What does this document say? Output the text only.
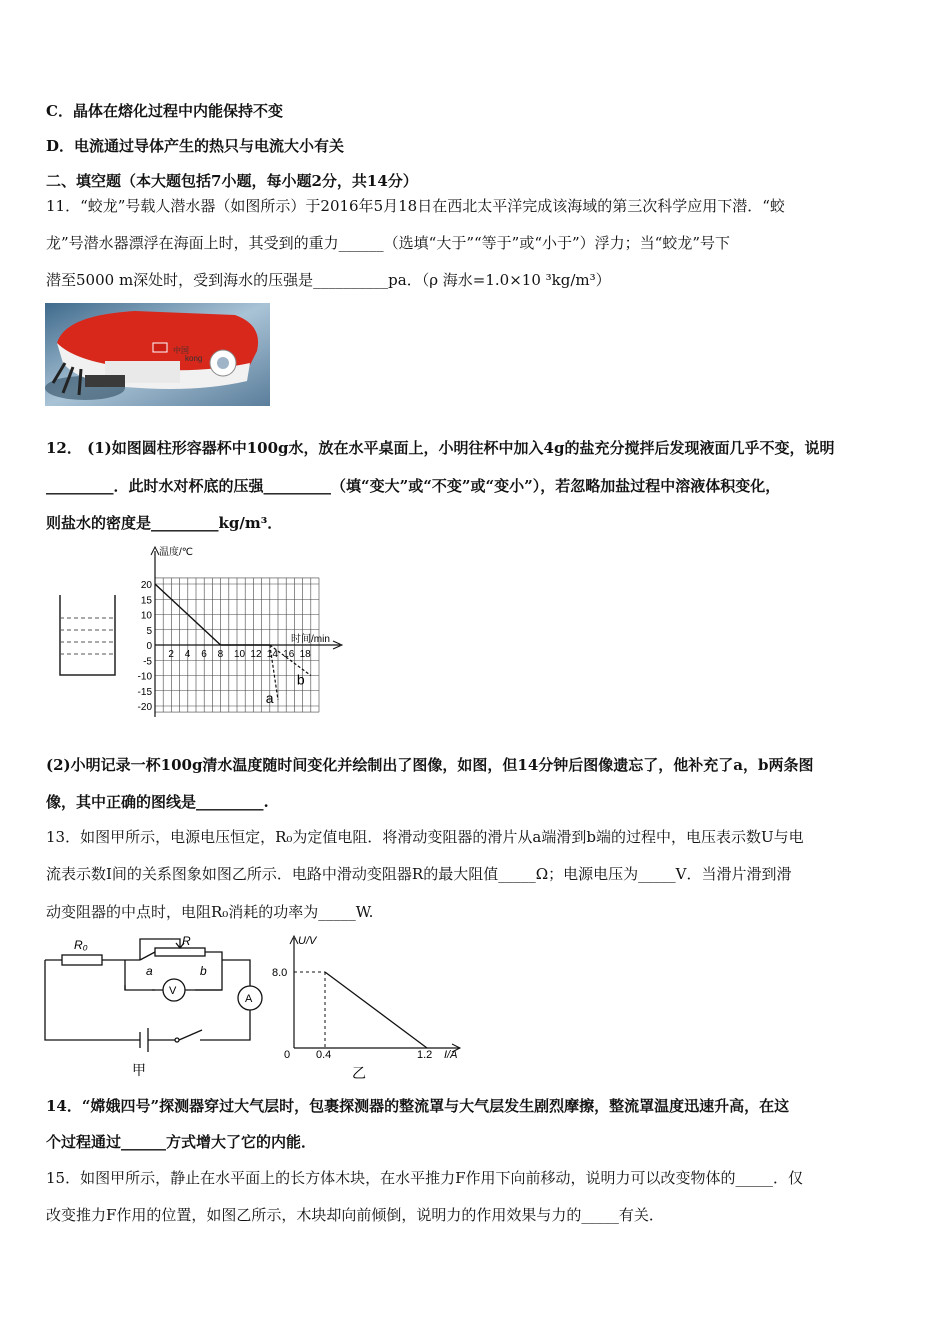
C．晶体在熔化过程中内能保持不变
D．电流通过导体产生的热只与电流大小有关
二、填空题（本大题包括7小题，每小题2分，共14分）
11．“蛟龙”号载人潜水器（如图所示）于2016年5月18日在西北太平洋完成该海域的第三次科学应用下潜．“蛟
龙”号潜水器漂浮在海面上时，其受到的重力______（选填“大于”“等于”或“小于”）浮力；当“蛟龙”号下
潜至5000 m深处时，受到海水的压强是__________pa．（ρ 海水=1.0×10 ³kg/m³）
中国
kong
12． (1)如图圆柱形容器杯中100g水，放在水平桌面上，小明往杯中加入4g的盐充分搅拌后发现液面几乎不变，说明
_________．此时水对杯底的压强_________（填“变大”或“不变”或“变小”），若忽略加盐过程中溶液体积变化，
则盐水的密度是_________kg/m³．
温度/℃
时间/min
20
15
10
5
0
-5
-10
-15
-20
2 4 6 8 10 12 14 16 18
a
b
(2)小明记录一杯100g清水温度随时间变化并绘制出了图像，如图，但14分钟后图像遗忘了，他补充了a，b两条图
像，其中正确的图线是_________.
13．如图甲所示，电源电压恒定，R₀为定值电阻．将滑动变阻器的滑片从a端滑到b端的过程中，电压表示数U与电
流表示数I间的关系图象如图乙所示．电路中滑动变阻器R的最大阻值_____Ω；电源电压为_____V．当滑片滑到滑
动变阻器的中点时，电阻R₀消耗的功率为_____W.
R₀	R
a	b
V
A
甲
U/V
I/A
8.0
0 0.4	1.2
乙
14．“嫦娥四号”探测器穿过大气层时，包裹探测器的整流罩与大气层发生剧烈摩擦，整流罩温度迅速升高，在这
个过程通过______方式增大了它的内能．
15．如图甲所示，静止在水平面上的长方体木块，在水平推力F作用下向前移动，说明力可以改变物体的_____．仅
改变推力F作用的位置，如图乙所示，木块却向前倾倒，说明力的作用效果与力的_____有关．
